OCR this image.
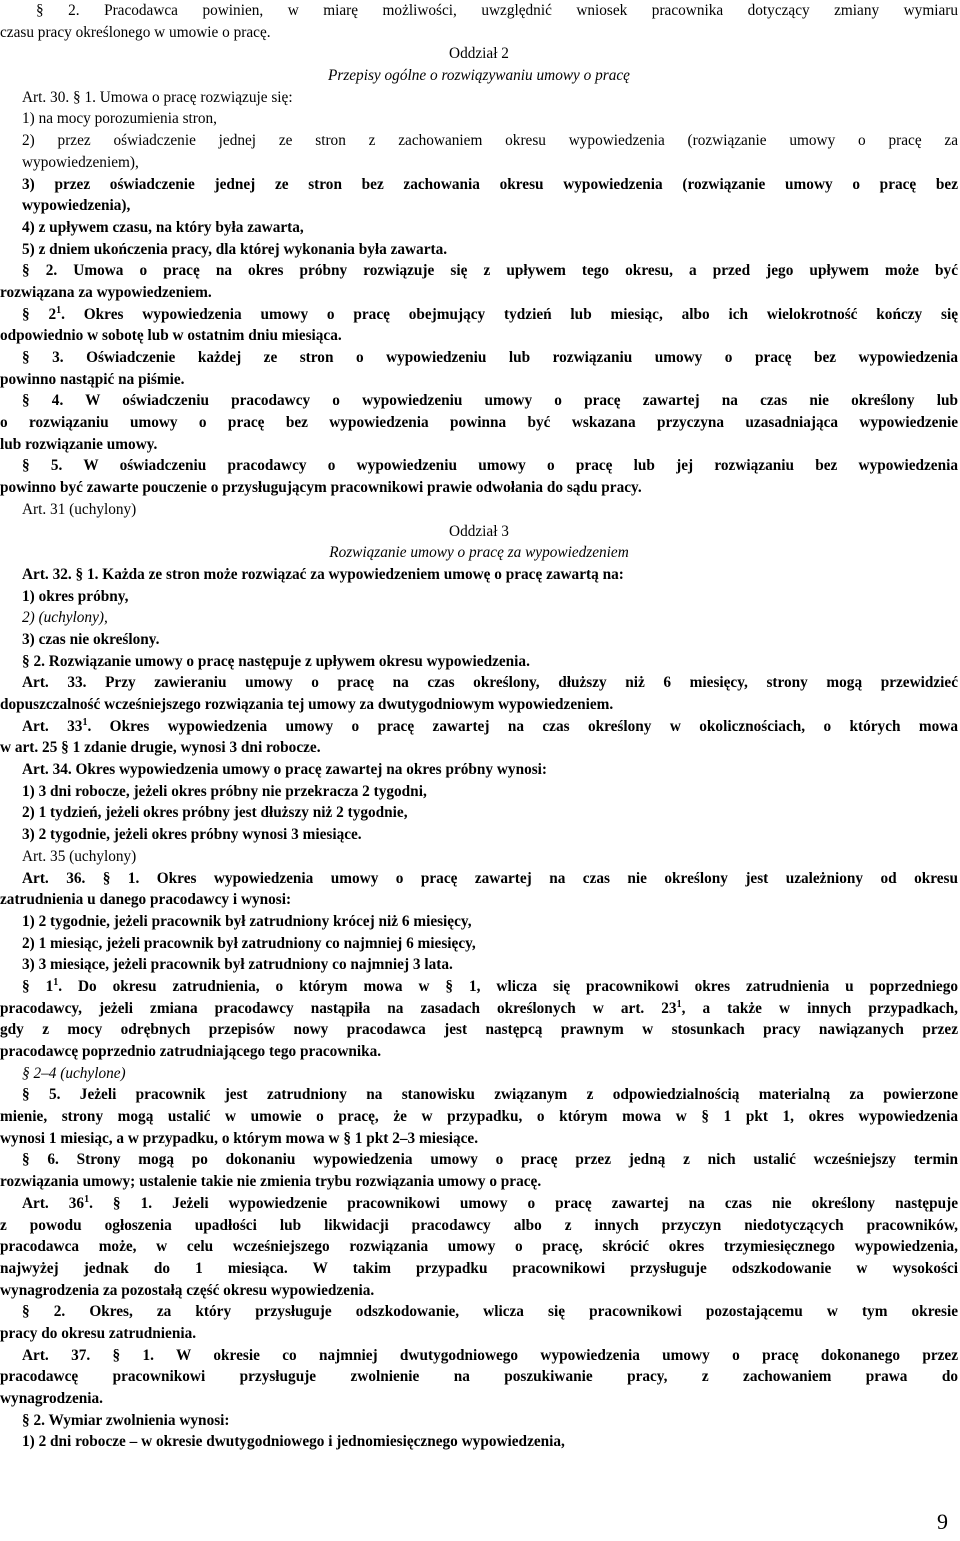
§ 2. Pracodawca powinien, w miarę możliwości, uwzględnić wniosek pracownika dotyczący zmiany wymiaru
czasu pracy określonego w umowie o pracę.
Oddział 2
Przepisy ogólne o rozwiązywaniu umowy o pracę
Art. 30. § 1. Umowa o pracę rozwiązuje się:
1) na mocy porozumienia stron,
2) przez oświadczenie jednej ze stron z zachowaniem okresu wypowiedzenia (rozwiązanie umowy o pracę za
wypowiedzeniem),
3) przez oświadczenie jednej ze stron bez zachowania okresu wypowiedzenia (rozwiązanie umowy o pracę bez
wypowiedzenia),
4) z upływem czasu, na który była zawarta,
5) z dniem ukończenia pracy, dla której wykonania była zawarta.
§ 2. Umowa o pracę na okres próbny rozwiązuje się z upływem tego okresu, a przed jego upływem może być
rozwiązana za wypowiedzeniem.
§ $2^1$. Okres wypowiedzenia umowy o pracę obejmujący tydzień lub miesiąc, albo ich wielokrotność kończy się
odpowiednio w sobotę lub w ostatnim dniu miesiąca.
§ 3. Oświadczenie każdej ze stron o wypowiedzeniu lub rozwiązaniu umowy o pracę bez wypowiedzenia
powinno nastąpić na piśmie.
§ 4. W oświadczeniu pracodawcy o wypowiedzeniu umowy o pracę zawartej na czas nie określony lub
o rozwiązaniu umowy o pracę bez wypowiedzenia powinna być wskazana przyczyna uzasadniająca wypowiedzenie
lub rozwiązanie umowy.
§ 5. W oświadczeniu pracodawcy o wypowiedzeniu umowy o pracę lub jej rozwiązaniu bez wypowiedzenia
powinno być zawarte pouczenie o przysługującym pracownikowi prawie odwołania do sądu pracy.
Art. 31 (uchylony)
Oddział 3
Rozwiązanie umowy o pracę za wypowiedzeniem
Art. 32. § 1. Każda ze stron może rozwiązać za wypowiedzeniem umowę o pracę zawartą na:
1) okres próbny,
2) (uchylony),
3) czas nie określony.
§ 2. Rozwiązanie umowy o pracę następuje z upływem okresu wypowiedzenia.
Art. 33. Przy zawieraniu umowy o pracę na czas określony, dłuższy niż 6 miesięcy, strony mogą przewidzieć
dopuszczalność wcześniejszego rozwiązania tej umowy za dwutygodniowym wypowiedzeniem.
Art. $33^1$. Okres wypowiedzenia umowy o pracę zawartej na czas określony w okolicznościach, o których mowa
w art. 25 § 1 zdanie drugie, wynosi 3 dni robocze.
Art. 34. Okres wypowiedzenia umowy o pracę zawartej na okres próbny wynosi:
1) 3 dni robocze, jeżeli okres próbny nie przekracza 2 tygodni,
2) 1 tydzień, jeżeli okres próbny jest dłuższy niż 2 tygodnie,
3) 2 tygodnie, jeżeli okres próbny wynosi 3 miesiące.
Art. 35 (uchylony)
Art. 36. § 1. Okres wypowiedzenia umowy o pracę zawartej na czas nie określony jest uzależniony od okresu
zatrudnienia u danego pracodawcy i wynosi:
1) 2 tygodnie, jeżeli pracownik był zatrudniony krócej niż 6 miesięcy,
2) 1 miesiąc, jeżeli pracownik był zatrudniony co najmniej 6 miesięcy,
3) 3 miesiące, jeżeli pracownik był zatrudniony co najmniej 3 lata.
§ $1^1$. Do okresu zatrudnienia, o którym mowa w § 1, wlicza się pracownikowi okres zatrudnienia u poprzedniego
pracodawcy, jeżeli zmiana pracodawcy nastąpiła na zasadach określonych w art. $23^1$, a także w innych przypadkach,
gdy z mocy odrębnych przepisów nowy pracodawca jest następcą prawnym w stosunkach pracy nawiązanych przez
pracodawcę poprzednio zatrudniającego tego pracownika.
§ 2–4 (uchylone)
§ 5. Jeżeli pracownik jest zatrudniony na stanowisku związanym z odpowiedzialnością materialną za powierzone
mienie, strony mogą ustalić w umowie o pracę, że w przypadku, o którym mowa w § 1 pkt 1, okres wypowiedzenia
wynosi 1 miesiąc, a w przypadku, o którym mowa w § 1 pkt 2–3 miesiące.
§ 6. Strony mogą po dokonaniu wypowiedzenia umowy o pracę przez jedną z nich ustalić wcześniejszy termin
rozwiązania umowy; ustalenie takie nie zmienia trybu rozwiązania umowy o pracę.
Art. $36^1$. § 1. Jeżeli wypowiedzenie pracownikowi umowy o pracę zawartej na czas nie określony następuje
z powodu ogłoszenia upadłości lub likwidacji pracodawcy albo z innych przyczyn niedotyczących pracowników,
pracodawca może, w celu wcześniejszego rozwiązania umowy o pracę, skrócić okres trzymiesięcznego wypowiedzenia,
najwyżej jednak do 1 miesiąca. W takim przypadku pracownikowi przysługuje odszkodowanie w wysokości
wynagrodzenia za pozostałą część okresu wypowiedzenia.
§ 2. Okres, za który przysługuje odszkodowanie, wlicza się pracownikowi pozostającemu w tym okresie
pracy do okresu zatrudnienia.
Art. 37. § 1. W okresie co najmniej dwutygodniowego wypowiedzenia umowy o pracę dokonanego przez
pracodawcę pracownikowi przysługuje zwolnienie na poszukiwanie pracy, z zachowaniem prawa do
wynagrodzenia.
§ 2. Wymiar zwolnienia wynosi:
1) 2 dni robocze – w okresie dwutygodniowego i jednomiesięcznego wypowiedzenia,
9
